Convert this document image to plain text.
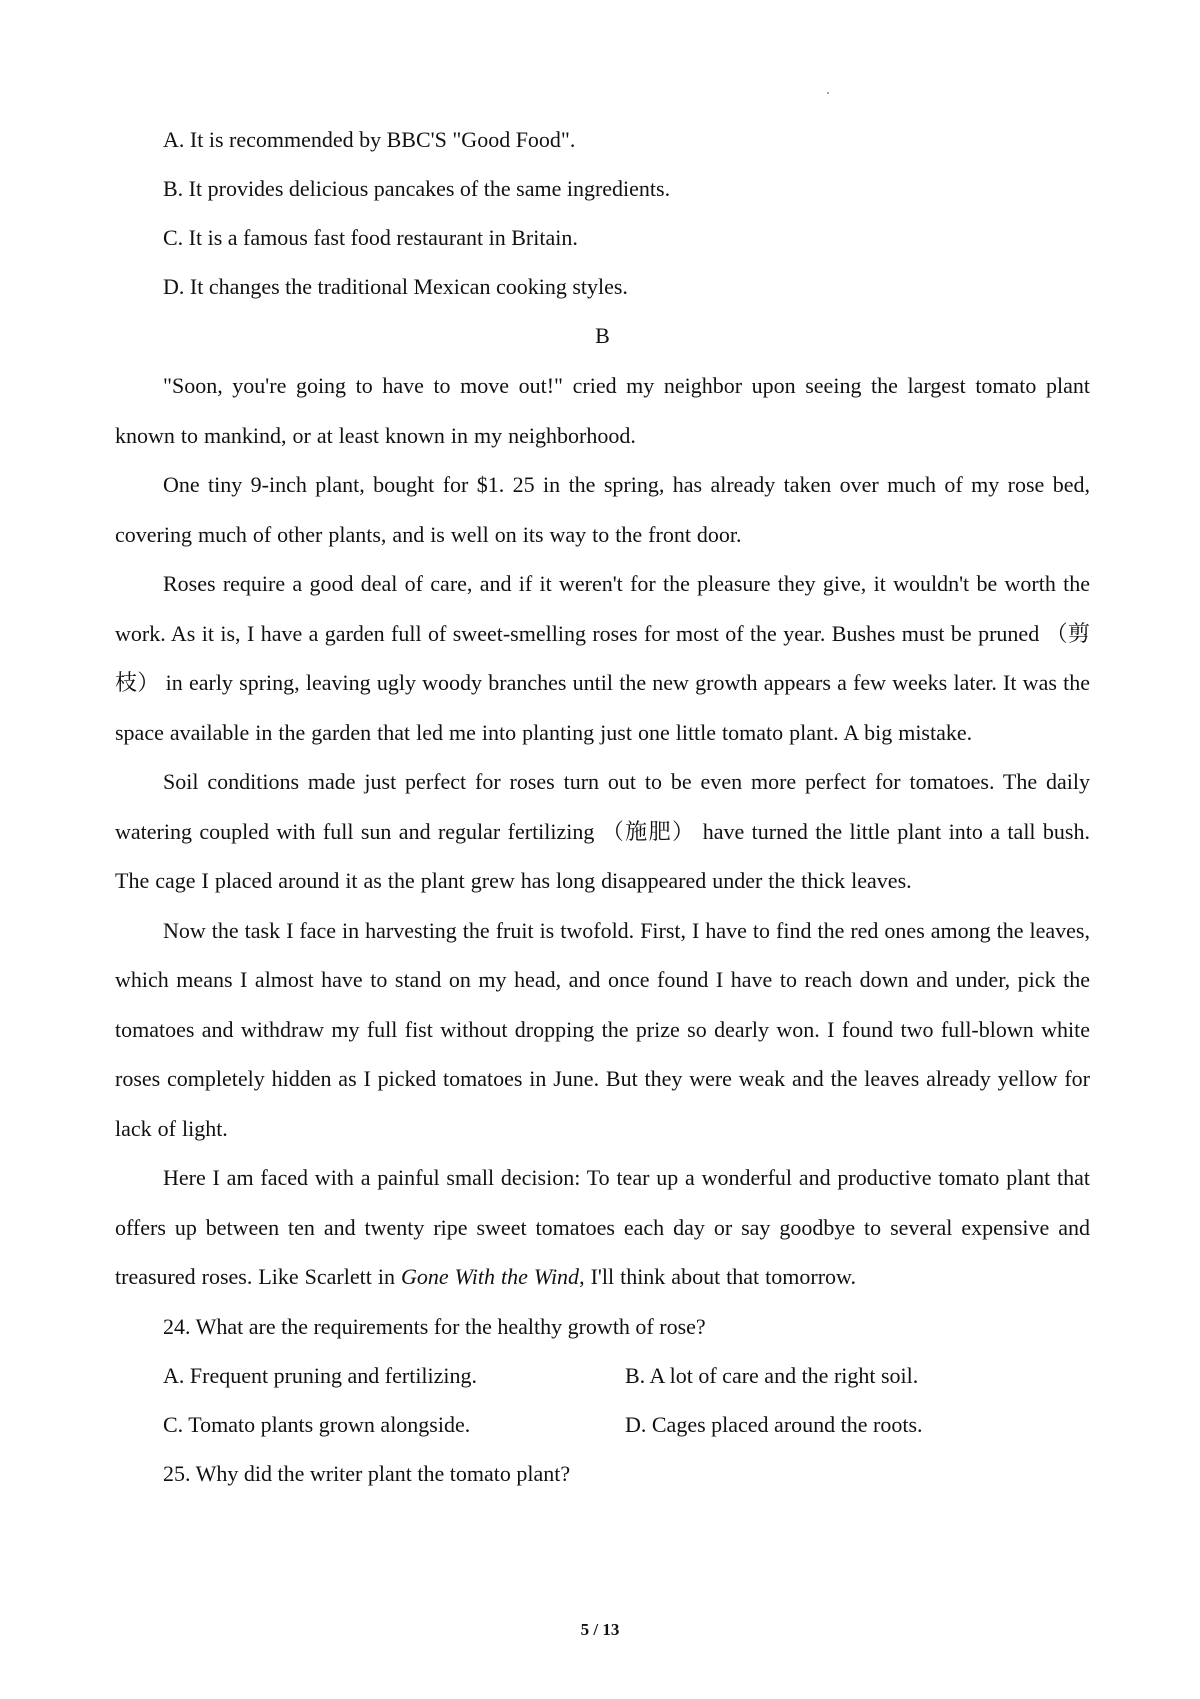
A. It is recommended by BBC'S "Good Food".
B. It provides delicious pancakes of the same ingredients.
C. It is a famous fast food restaurant in Britain.
D. It changes the traditional Mexican cooking styles.
B

"Soon, you're going to have to move out!" cried my neighbor upon seeing the largest tomato plant known to mankind, or at least known in my neighborhood.

One tiny 9-inch plant, bought for $1. 25 in the spring, has already taken over much of my rose bed, covering much of other plants, and is well on its way to the front door.

Roses require a good deal of care, and if it weren't for the pleasure they give, it wouldn't be worth the work. As it is, I have a garden full of sweet-smelling roses for most of the year. Bushes must be pruned （剪枝） in early spring, leaving ugly woody branches until the new growth appears a few weeks later. It was the space available in the garden that led me into planting just one little tomato plant. A big mistake.

Soil conditions made just perfect for roses turn out to be even more perfect for tomatoes. The daily watering coupled with full sun and regular fertilizing （施肥） have turned the little plant into a tall bush. The cage I placed around it as the plant grew has long disappeared under the thick leaves.

Now the task I face in harvesting the fruit is twofold. First, I have to find the red ones among the leaves, which means I almost have to stand on my head, and once found I have to reach down and under, pick the tomatoes and withdraw my full fist without dropping the prize so dearly won. I found two full-blown white roses completely hidden as I picked tomatoes in June. But they were weak and the leaves already yellow for lack of light.

Here I am faced with a painful small decision: To tear up a wonderful and productive tomato plant that offers up between ten and twenty ripe sweet tomatoes each day or say goodbye to several expensive and treasured roses. Like Scarlett in Gone With the Wind, I'll think about that tomorrow.

24. What are the requirements for the healthy growth of rose?
A. Frequent pruning and fertilizing.	B. A lot of care and the right soil.
C. Tomato plants grown alongside.	D. Cages placed around the roots.
25. Why did the writer plant the tomato plant?
5 / 13
